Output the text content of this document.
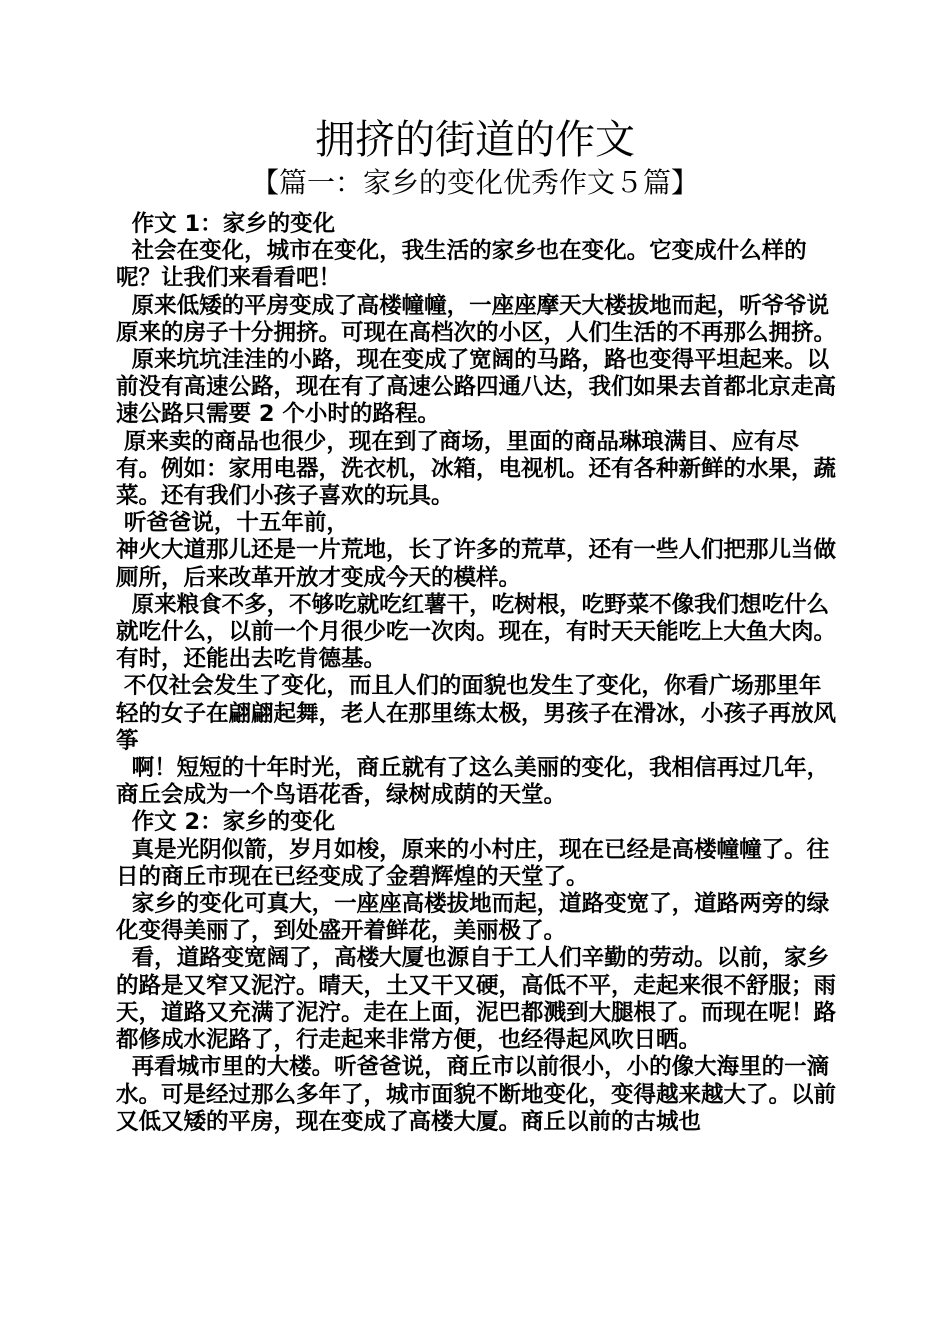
拥挤的街道的作文
【篇一：家乡的变化优秀作文５篇】

作文 1：家乡的变化

社会在变化，城市在变化，我生活的家乡也在变化。它变成什么样的呢？让我们来看看吧！

原来低矮的平房变成了高楼幢幢，一座座摩天大楼拔地而起，听爷爷说原来的房子十分拥挤。可现在高档次的小区，人们生活的不再那么拥挤。

原来坑坑洼洼的小路，现在变成了宽阔的马路，路也变得平坦起来。以前没有高速公路，现在有了高速公路四通八达，我们如果去首都北京走高速公路只需要 2 个小时的路程。

原来卖的商品也很少，现在到了商场，里面的商品琳琅满目、应有尽有。例如：家用电器，洗衣机，冰箱，电视机。还有各种新鲜的水果，蔬菜。还有我们小孩子喜欢的玩具。

听爸爸说，十五年前，

神火大道那儿还是一片荒地，长了许多的荒草，还有一些人们把那儿当做厕所，后来改革开放才变成今天的模样。

原来粮食不多，不够吃就吃红薯干，吃树根，吃野菜不像我们想吃什么就吃什么，以前一个月很少吃一次肉。现在，有时天天能吃上大鱼大肉。有时，还能出去吃肯德基。

不仅社会发生了变化，而且人们的面貌也发生了变化，你看广场那里年轻的女子在翩翩起舞，老人在那里练太极，男孩子在滑冰，小孩子再放风筝

啊！短短的十年时光，商丘就有了这么美丽的变化，我相信再过几年，商丘会成为一个鸟语花香，绿树成荫的天堂。

作文 2：家乡的变化

真是光阴似箭，岁月如梭，原来的小村庄，现在已经是高楼幢幢了。往日的商丘市现在已经变成了金碧辉煌的天堂了。

家乡的变化可真大，一座座高楼拔地而起，道路变宽了，道路两旁的绿化变得美丽了，到处盛开着鲜花，美丽极了。

看，道路变宽阔了，高楼大厦也源自于工人们辛勤的劳动。以前，家乡的路是又窄又泥泞。晴天，土又干又硬，高低不平，走起来很不舒服；雨天，道路又充满了泥泞。走在上面，泥巴都溅到大腿根了。而现在呢！路都修成水泥路了，行走起来非常方便，也经得起风吹日晒。

再看城市里的大楼。听爸爸说，商丘市以前很小，小的像大海里的一滴水。可是经过那么多年了，城市面貌不断地变化，变得越来越大了。以前又低又矮的平房，现在变成了高楼大厦。商丘以前的古城也
